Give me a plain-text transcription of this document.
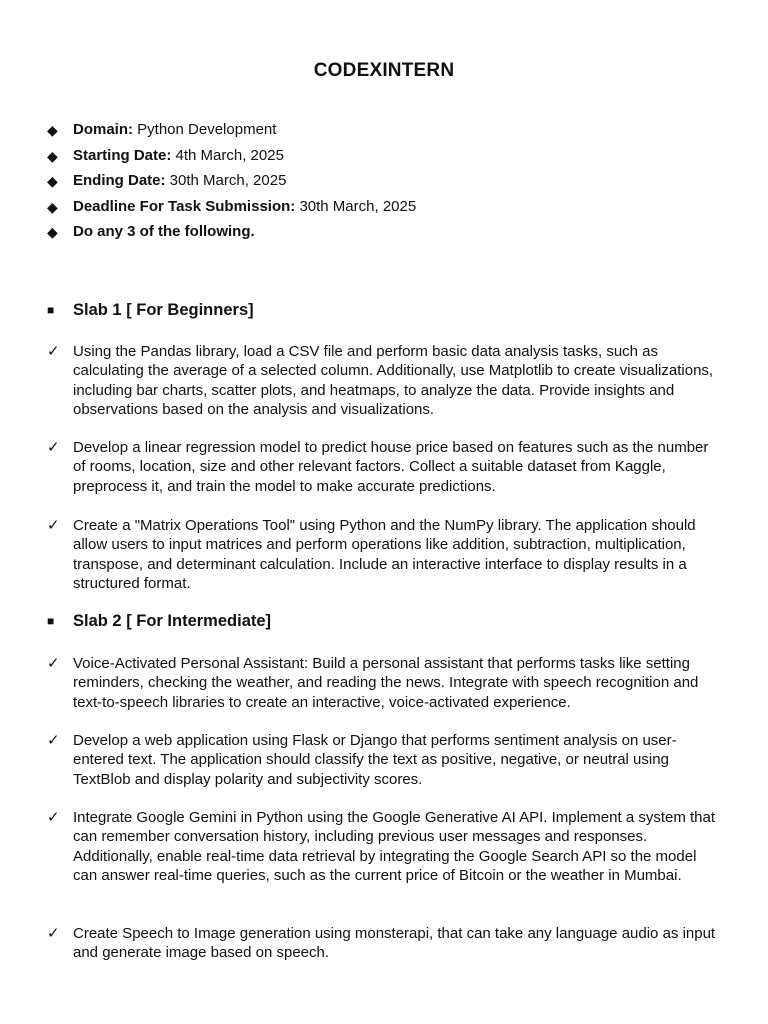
CODEXINTERN
◆	Domain: Python Development
◆	Starting Date: 4th March, 2025
◆	Ending Date: 30th March, 2025
◆	Deadline For Task Submission: 30th March, 2025
◆	Do any 3 of the following.
■	Slab 1 [ For Beginners]
✓ Using the Pandas library, load a CSV file and perform basic data analysis tasks, such as calculating the average of a selected column. Additionally, use Matplotlib to create visualizations, including bar charts, scatter plots, and heatmaps, to analyze the data. Provide insights and observations based on the analysis and visualizations.
✓ Develop a linear regression model to predict house price based on features such as the number of rooms, location, size and other relevant factors. Collect a suitable dataset from Kaggle, preprocess it, and train the model to make accurate predictions.
✓ Create a "Matrix Operations Tool" using Python and the NumPy library. The application should allow users to input matrices and perform operations like addition, subtraction, multiplication, transpose, and determinant calculation. Include an interactive interface to display results in a structured format.
■	Slab 2 [ For Intermediate]
✓ Voice-Activated Personal Assistant: Build a personal assistant that performs tasks like setting reminders, checking the weather, and reading the news. Integrate with speech recognition and text-to-speech libraries to create an interactive, voice-activated experience.
✓ Develop a web application using Flask or Django that performs sentiment analysis on user-entered text. The application should classify the text as positive, negative, or neutral using TextBlob and display polarity and subjectivity scores.
✓ Integrate Google Gemini in Python using the Google Generative AI API. Implement a system that can remember conversation history, including previous user messages and responses. Additionally, enable real-time data retrieval by integrating the Google Search API so the model can answer real-time queries, such as the current price of Bitcoin or the weather in Mumbai.
✓ Create Speech to Image generation using monsterapi, that can take any language audio as input and generate image based on speech.
